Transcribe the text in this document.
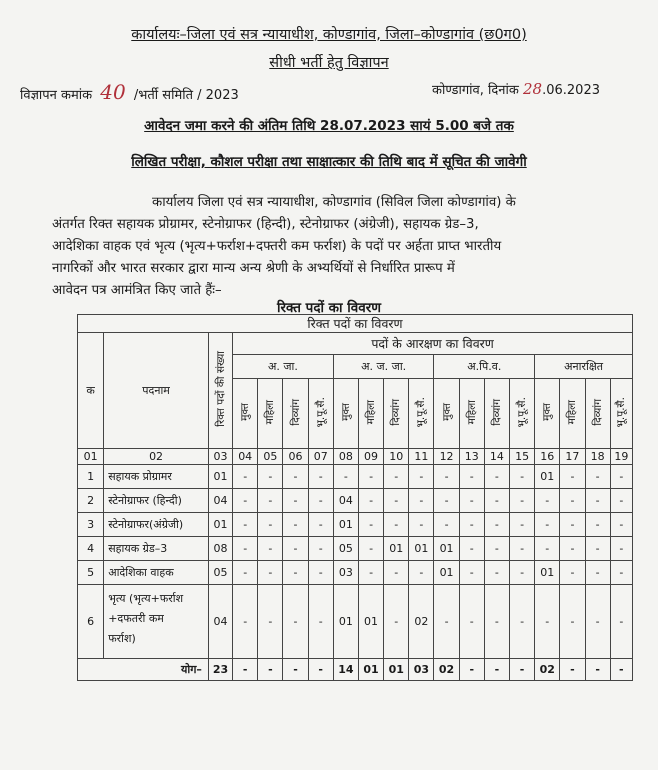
कार्यालयः–जिला एवं सत्र न्यायाधीश, कोण्डागांव, जिला–कोण्डागांव (छ0ग0)
सीधी भर्ती हेतु विज्ञापन
विज्ञापन कमांक 40 /भर्ती समिति / 2023	कोण्डागांव, दिनांक 28.06.2023
आवेदन जमा करने की अंतिम तिथि 28.07.2023 सायं 5.00 बजे तक
लिखित परीक्षा, कौशल परीक्षा तथा साक्षात्कार की तिथि बाद में सूचित की जावेगी
कार्यालय जिला एवं सत्र न्यायाधीश, कोण्डागांव (सिविल जिला कोण्डागांव) के
अंतर्गत रिक्त सहायक प्रोग्रामर, स्टेनोग्राफर (हिन्दी), स्टेनोग्राफर (अंग्रेजी), सहायक ग्रेड–3,
आदेशिका वाहक एवं भृत्य (भृत्य+फर्राश+दफ्तरी कम फर्राश) के पदों पर अर्हता प्राप्त भारतीय
नागरिकों और भारत सरकार द्वारा मान्य अन्य श्रेणी के अभ्यर्थियों से निर्धारित प्रारूप में
आवेदन पत्र आमंत्रित किए जाते हैंः–
रिक्त पदों का विवरण
रिक्त पदों का विवरण																		
क	पदनाम	रिक्त पदों की संख्या	पदों के आरक्षण का विवरण															
			अ. जा.				अ. ज. जा.				अ.पि.व.				अनारक्षित			
			मुक्त	महिला	दिव्यांग	भू.पू.सै.	मुक्त	महिला	दिव्यांग	भू.पू.सै.	मुक्त	महिला	दिव्यांग	भू.पू.सै.	मुक्त	महिला	दिव्यांग	भू.पू.सै.
01	02	03	04	05	06	07	08	09	10	11	12	13	14	15	16	17	18	19
1	सहायक प्रोग्रामर	01	-	-	-	-	-	-	-	-	-	-	-	-	01	-	-	-
2	स्टेनोग्राफर (हिन्दी)	04	-	-	-	-	04	-	-	-	-	-	-	-	-	-	-	-
3	स्टेनोग्राफर(अंग्रेजी)	01	-	-	-	-	01	-	-	-	-	-	-	-	-	-	-	-
4	सहायक ग्रेड–3	08	-	-	-	-	05	-	01	01	01	-	-	-	-	-	-	-
5	आदेशिका वाहक	05	-	-	-	-	03	-	-	-	01	-	-	-	01	-	-	-
6	भृत्य (भृत्य+फर्राश
+दफतरी कम
फर्राश)	04	-	-	-	-	01	01	-	02	-	-	-	-	-	-	-	-
योग–		23	-	-	-	-	14	01	01	03	02	-	-	-	02	-	-	-
